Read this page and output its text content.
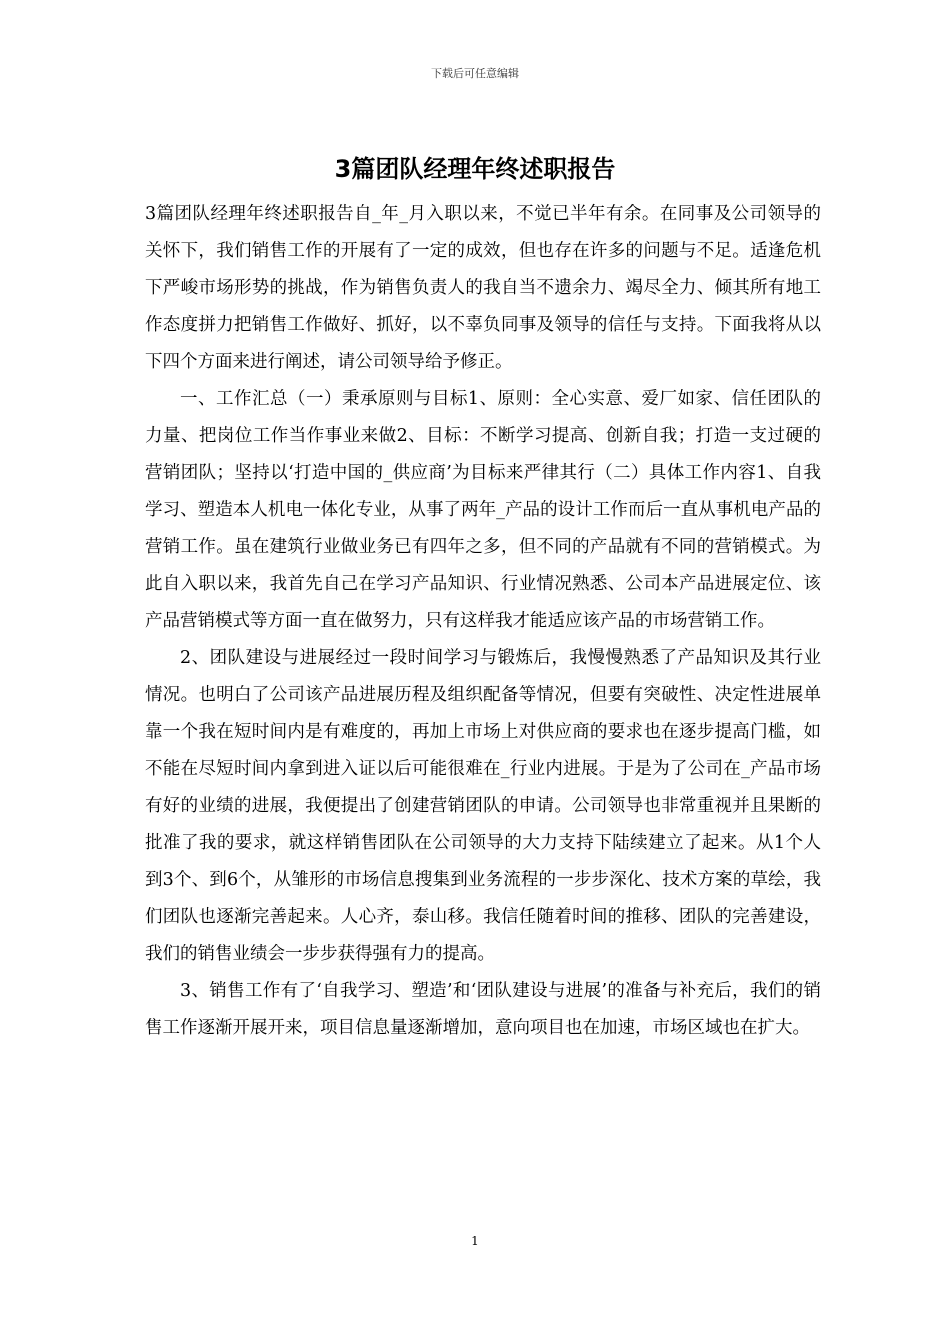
下载后可任意编辑
3篇团队经理年终述职报告

3篇团队经理年终述职报告自_年_月入职以来，不觉已半年有余。在同事及公司领导的关怀下，我们销售工作的开展有了一定的成效，但也存在许多的问题与不足。适逢危机下严峻市场形势的挑战，作为销售负责人的我自当不遗余力、竭尽全力、倾其所有地工作态度拼力把销售工作做好、抓好，以不辜负同事及领导的信任与支持。下面我将从以下四个方面来进行阐述，请公司领导给予修正。

一、工作汇总（一）秉承原则与目标1、原则：全心实意、爱厂如家、信任团队的力量、把岗位工作当作事业来做2、目标：不断学习提高、创新自我；打造一支过硬的营销团队；坚持以‘打造中国的_供应商’为目标来严律其行（二）具体工作内容1、自我学习、塑造本人机电一体化专业，从事了两年_产品的设计工作而后一直从事机电产品的营销工作。虽在建筑行业做业务已有四年之多，但不同的产品就有不同的营销模式。为此自入职以来，我首先自己在学习产品知识、行业情况熟悉、公司本产品进展定位、该产品营销模式等方面一直在做努力，只有这样我才能适应该产品的市场营销工作。

2、团队建设与进展经过一段时间学习与锻炼后，我慢慢熟悉了产品知识及其行业情况。也明白了公司该产品进展历程及组织配备等情况，但要有突破性、决定性进展单靠一个我在短时间内是有难度的，再加上市场上对供应商的要求也在逐步提高门槛，如不能在尽短时间内拿到进入证以后可能很难在_行业内进展。于是为了公司在_产品市场有好的业绩的进展，我便提出了创建营销团队的申请。公司领导也非常重视并且果断的批准了我的要求，就这样销售团队在公司领导的大力支持下陆续建立了起来。从1个人到3个、到6个，从雏形的市场信息搜集到业务流程的一步步深化、技术方案的草绘，我们团队也逐渐完善起来。人心齐，泰山移。我信任随着时间的推移、团队的完善建设，我们的销售业绩会一步步获得强有力的提高。

3、销售工作有了‘自我学习、塑造’和‘团队建设与进展’的准备与补充后，我们的销售工作逐渐开展开来，项目信息量逐渐增加，意向项目也在加速，市场区域也在扩大。

1
